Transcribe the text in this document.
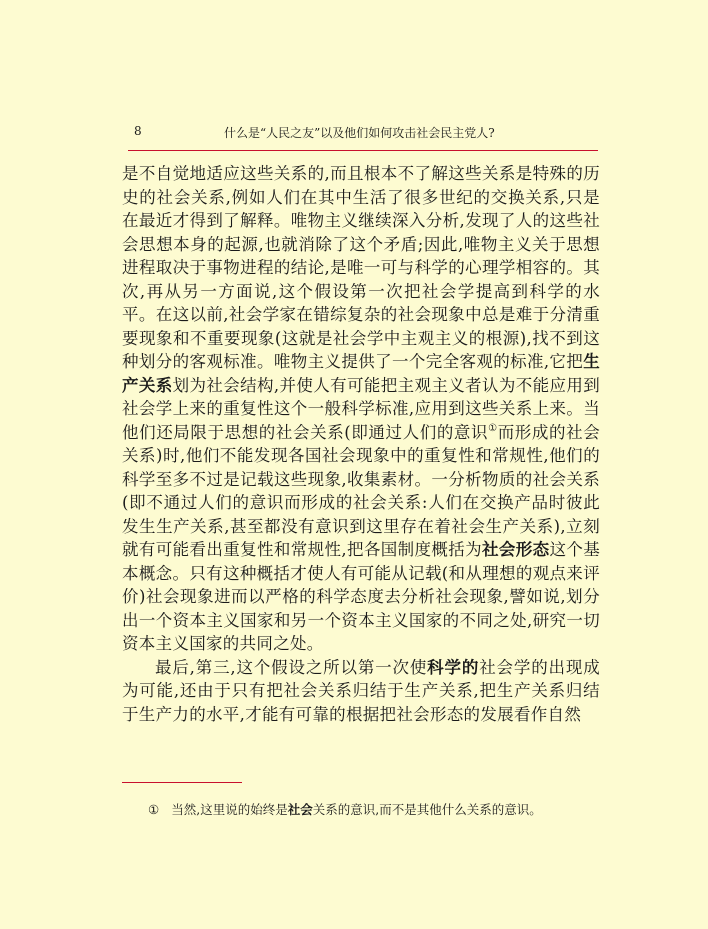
8	什么是“人民之友”以及他们如何攻击社会民主党人?

是不自觉地适应这些关系的,而且根本不了解这些关系是特殊的历史的社会关系,例如人们在其中生活了很多世纪的交换关系,只是在最近才得到了解释。唯物主义继续深入分析,发现了人的这些社会思想本身的起源,也就消除了这个矛盾;因此,唯物主义关于思想进程取决于事物进程的结论,是唯一可与科学的心理学相容的。其次,再从另一方面说,这个假设第一次把社会学提高到科学的水平。在这以前,社会学家在错综复杂的社会现象中总是难于分清重要现象和不重要现象(这就是社会学中主观主义的根源),找不到这种划分的客观标准。唯物主义提供了一个完全客观的标准,它把生产关系划为社会结构,并使人有可能把主观主义者认为不能应用到社会学上来的重复性这个一般科学标准,应用到这些关系上来。当他们还局限于思想的社会关系(即通过人们的意识①而形成的社会关系)时,他们不能发现各国社会现象中的重复性和常规性,他们的科学至多不过是记载这些现象,收集素材。一分析物质的社会关系(即不通过人们的意识而形成的社会关系:人们在交换产品时彼此发生生产关系,甚至都没有意识到这里存在着社会生产关系),立刻就有可能看出重复性和常规性,把各国制度概括为社会形态这个基本概念。只有这种概括才使人有可能从记载(和从理想的观点来评价)社会现象进而以严格的科学态度去分析社会现象,譬如说,划分出一个资本主义国家和另一个资本主义国家的不同之处,研究一切资本主义国家的共同之处。

最后,第三,这个假设之所以第一次使科学的社会学的出现成为可能,还由于只有把社会关系归结于生产关系,把生产关系归结于生产力的水平,才能有可靠的根据把社会形态的发展看作自然

① 当然,这里说的始终是社会关系的意识,而不是其他什么关系的意识。
